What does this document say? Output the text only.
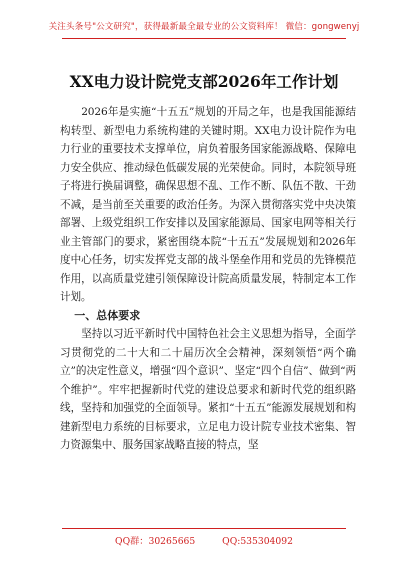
关注头条号"公文研究"，获得最新最全最专业的公文资料库！ 微信：gongwenyj
XX电力设计院党支部2026年工作计划

2026年是实施“十五五”规划的开局之年，也是我国能源结构转型、新型电力系统构建的关键时期。XX电力设计院作为电力行业的重要技术支撑单位，肩负着服务国家能源战略、保障电力安全供应、推动绿色低碳发展的光荣使命。同时，本院领导班子将进行换届调整，确保思想不乱、工作不断、队伍不散、干劲不减，是当前至关重要的政治任务。为深入贯彻落实党中央决策部署、上级党组织工作安排以及国家能源局、国家电网等相关行业主管部门的要求，紧密围绕本院“十五五”发展规划和2026年度中心任务，切实发挥党支部的战斗堡垒作用和党员的先锋模范作用，以高质量党建引领保障设计院高质量发展，特制定本工作计划。

一、总体要求

坚持以习近平新时代中国特色社会主义思想为指导，全面学习贯彻党的二十大和二十届历次全会精神，深刻领悟“两个确立”的决定性意义，增强“四个意识”、坚定“四个自信”、做到“两个维护”。牢牢把握新时代党的建设总要求和新时代党的组织路线，坚持和加强党的全面领导。紧扣“十五五”能源发展规划和构建新型电力系统的目标要求，立足电力设计院专业技术密集、智力资源集中、服务国家战略直接的特点，坚

QQ群：30265665	QQ:535304092
